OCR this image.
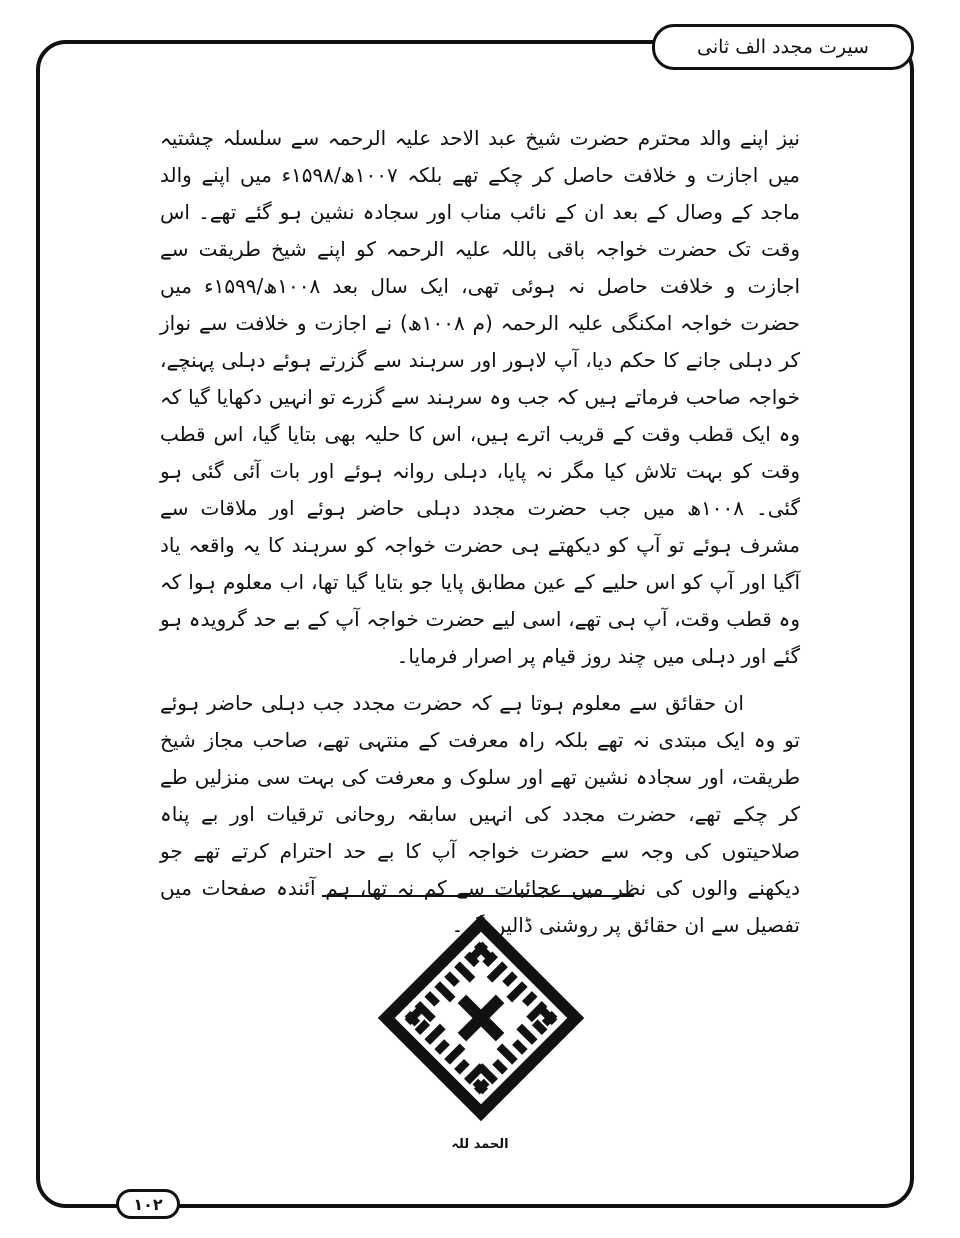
سیرت مجدد الف ثانی

نیز اپنے والد محترم حضرت شیخ عبد الاحد علیہ الرحمہ سے سلسلہ چشتیہ میں اجازت و خلافت حاصل کر چکے تھے بلکہ ۱۰۰۷ھ/۱۵۹۸ء میں اپنے والد ماجد کے وصال کے بعد ان کے نائب مناب اور سجادہ نشین ہو گئے تھے۔ اس وقت تک حضرت خواجہ باقی باللہ علیہ الرحمہ کو اپنے شیخ طریقت سے اجازت و خلافت حاصل نہ ہوئی تھی، ایک سال بعد ۱۰۰۸ھ/۱۵۹۹ء میں حضرت خواجہ امکنگی علیہ الرحمہ (م ۱۰۰۸ھ) نے اجازت و خلافت سے نواز کر دہلی جانے کا حکم دیا، آپ لاہور اور سرہند سے گزرتے ہوئے دہلی پہنچے، خواجہ صاحب فرماتے ہیں کہ جب وہ سرہند سے گزرے تو انہیں دکھایا گیا کہ وہ ایک قطب وقت کے قریب اترے ہیں، اس کا حلیہ بھی بتایا گیا، اس قطب وقت کو بہت تلاش کیا مگر نہ پایا، دہلی روانہ ہوئے اور بات آئی گئی ہو گئی۔ ۱۰۰۸ھ میں جب حضرت مجدد دہلی حاضر ہوئے اور ملاقات سے مشرف ہوئے تو آپ کو دیکھتے ہی حضرت خواجہ کو سرہند کا یہ واقعہ یاد آگیا اور آپ کو اس حلیے کے عین مطابق پایا جو بتایا گیا تھا، اب معلوم ہوا کہ وہ قطب وقت، آپ ہی تھے، اسی لیے حضرت خواجہ آپ کے بے حد گرویدہ ہو گئے اور دہلی میں چند روز قیام پر اصرار فرمایا۔

ان حقائق سے معلوم ہوتا ہے کہ حضرت مجدد جب دہلی حاضر ہوئے تو وہ ایک مبتدی نہ تھے بلکہ راہ معرفت کے منتہی تھے، صاحب مجاز شیخ طریقت، اور سجادہ نشین تھے اور سلوک و معرفت کی بہت سی منزلیں طے کر چکے تھے، حضرت مجدد کی انہیں سابقہ روحانی ترقیات اور بے پناہ صلاحیتوں کی وجہ سے حضرت خواجہ آپ کا بے حد احترام کرتے تھے جو دیکھنے والوں کی نظر میں عجائبات سے کم نہ تھا، ہم آئندہ صفحات میں تفصیل سے ان حقائق پر روشنی ڈالیں گے۔

الحمد للہ
۱۰۲
